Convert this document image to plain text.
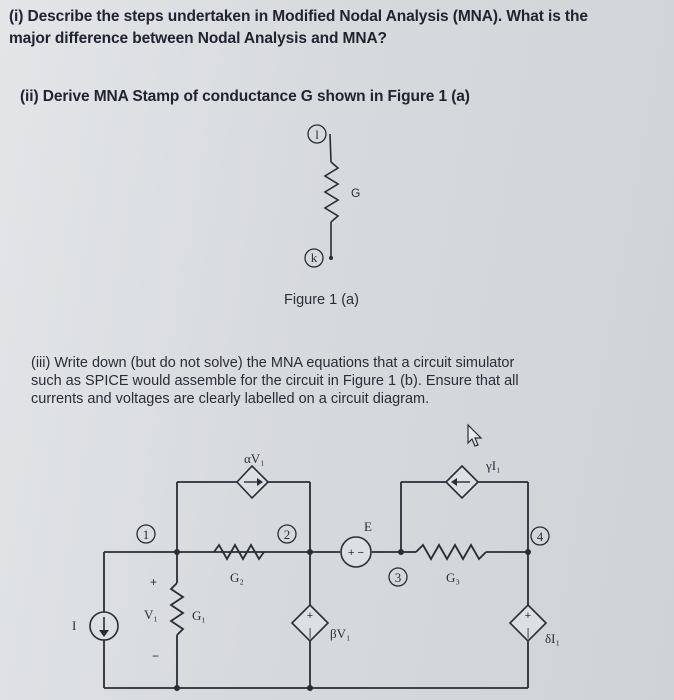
(i) Describe the steps undertaken in Modified Nodal Analysis (MNA). What is the
major difference between Nodal Analysis and MNA?
(ii) Derive MNA Stamp of conductance G shown in Figure 1 (a)
l
k
G
Figure 1 (a)
(iii) Write down (but do not solve) the MNA equations that a circuit simulator
such as SPICE would assemble for the circuit in Figure 1 (b). Ensure that all
currents and voltages are clearly labelled on a circuit diagram.
I
αV₁	γI₁
+
| βV₁
+
| δI₁
+ −
E
1	2
3
4
G₂	G₃
G₁
V₁
+
−
